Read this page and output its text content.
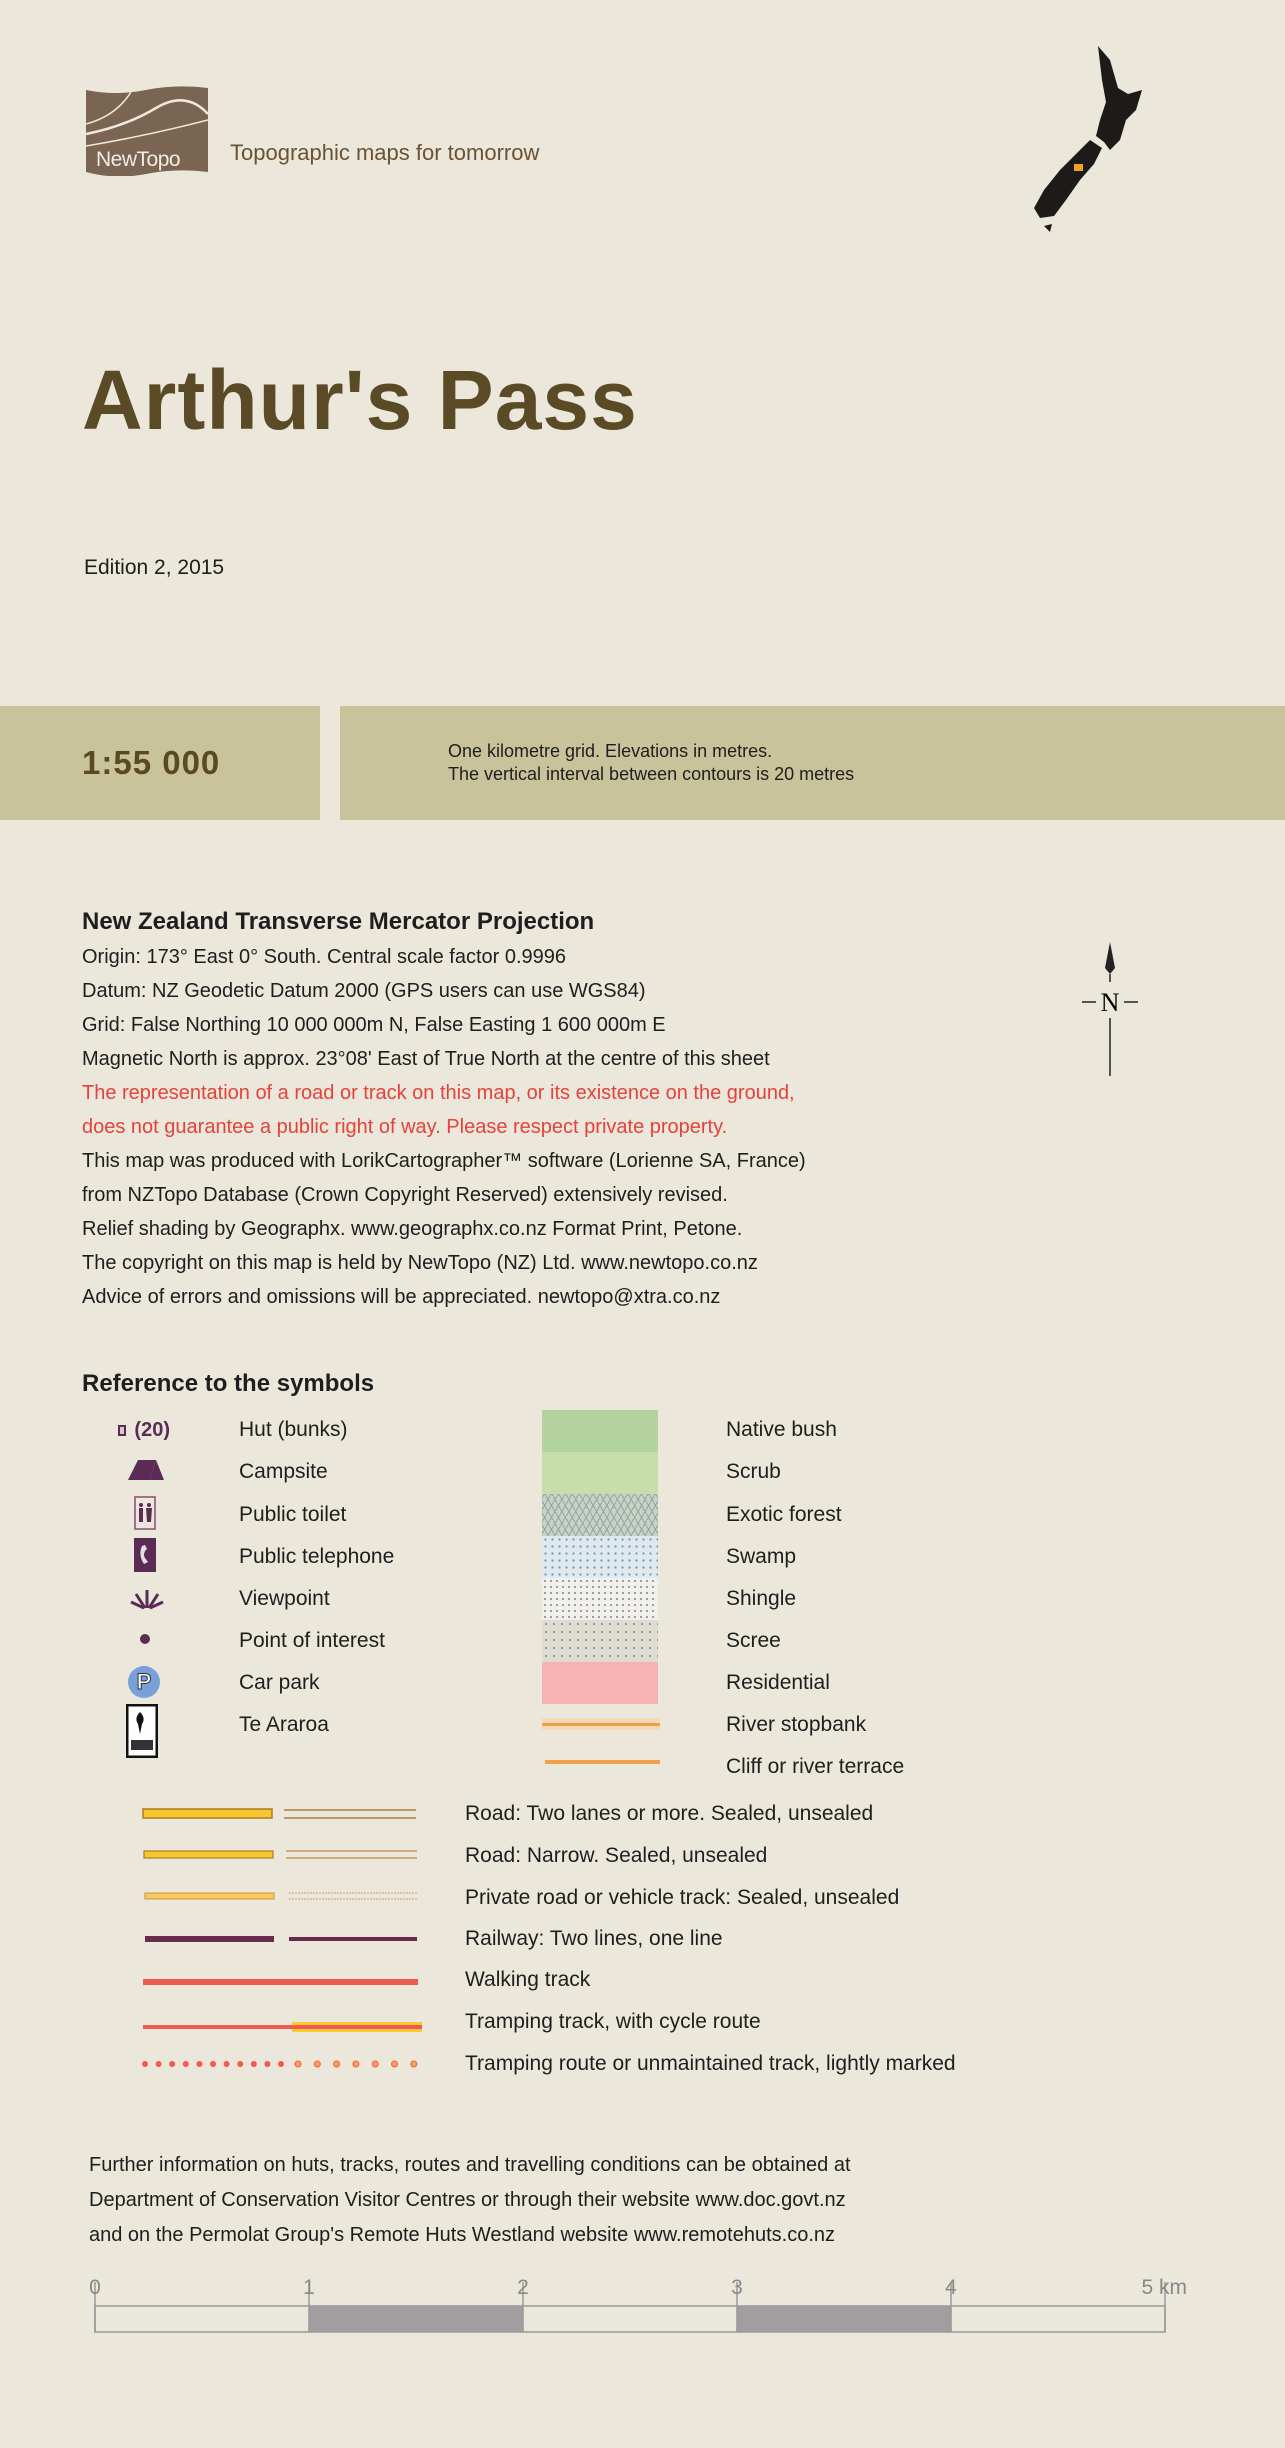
NewTopo Topographic maps for tomorrow
Arthur's Pass
Edition 2, 2015
1:55 000	One kilometre grid. Elevations in metres.
The vertical interval between contours is 20 metres
New Zealand Transverse Mercator Projection
Origin: 173° East 0° South. Central scale factor 0.9996
Datum: NZ Geodetic Datum 2000 (GPS users can use WGS84)
Grid: False Northing 10 000 000m N, False Easting 1 600 000m E
Magnetic North is approx. 23°08' East of True North at the centre of this sheet
The representation of a road or track on this map, or its existence on the ground,
does not guarantee a public right of way. Please respect private property.
This map was produced with LorikCartographer™ software (Lorienne SA, France)
from NZTopo Database (Crown Copyright Reserved) extensively revised.
Relief shading by Geographx. www.geographx.co.nz Format Print, Petone.
The copyright on this map is held by NewTopo (NZ) Ltd. www.newtopo.co.nz
Advice of errors and omissions will be appreciated. newtopo@xtra.co.nz
N
Reference to the symbols
(20)
P
Hut (bunks)
Campsite
Public toilet
Public telephone
Viewpoint
Point of interest
Car park
Te Araroa
Native bush
Scrub
Exotic forest
Swamp
Shingle
Scree
Residential
River stopbank
Cliff or river terrace
Road: Two lanes or more. Sealed, unsealed
Road: Narrow. Sealed, unsealed
Private road or vehicle track: Sealed, unsealed
Railway: Two lines, one line
Walking track
Tramping track, with cycle route
Tramping route or unmaintained track, lightly marked
Further information on huts, tracks, routes and travelling conditions can be obtained at
Department of Conservation Visitor Centres or through their website www.doc.govt.nz
and on the Permolat Group's Remote Huts Westland website www.remotehuts.co.nz
0	1	2	3	4	5 km
